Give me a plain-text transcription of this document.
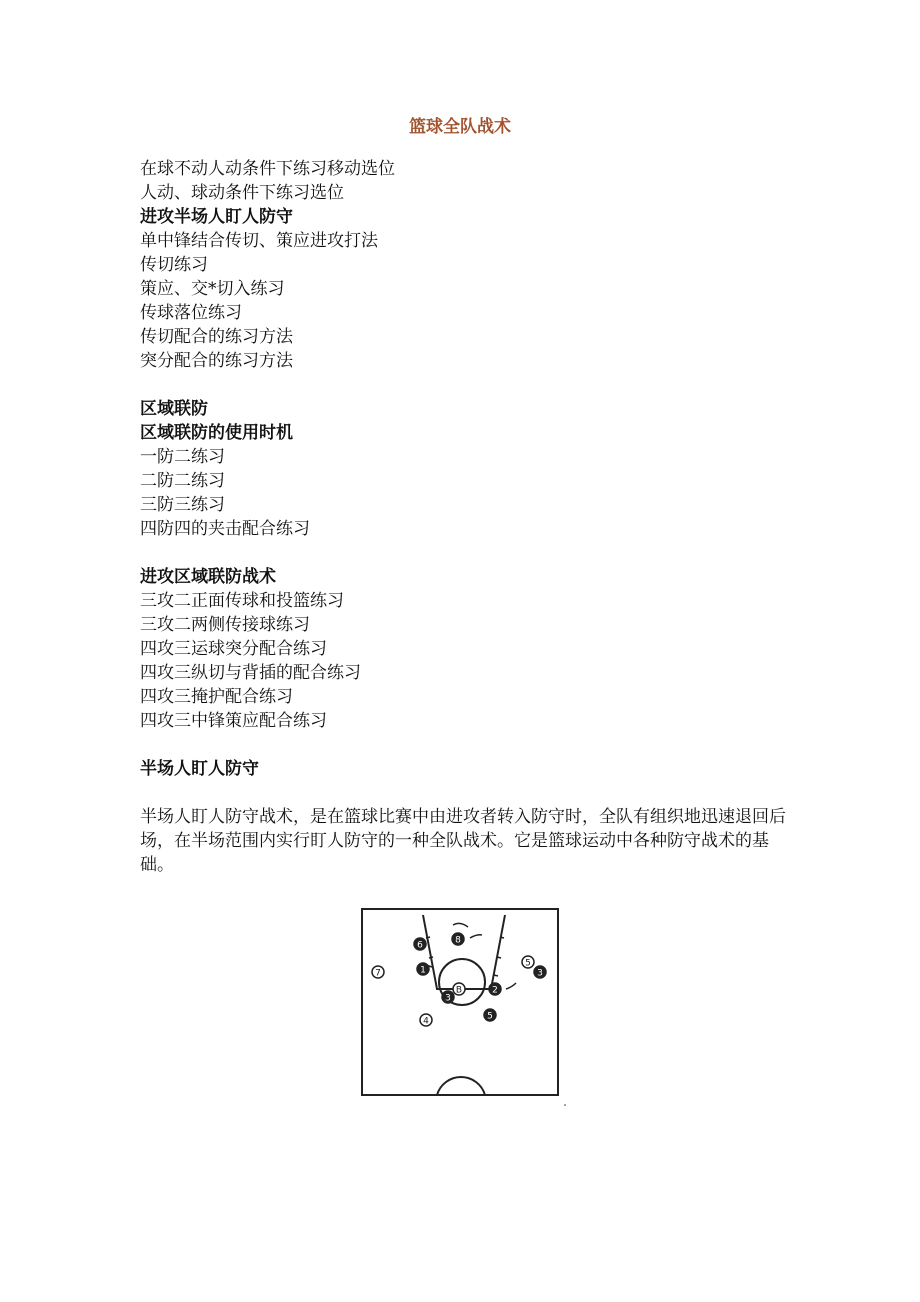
篮球全队战术
在球不动人动条件下练习移动选位
人动、球动条件下练习选位
进攻半场人盯人防守
单中锋结合传切、策应进攻打法
传切练习
策应、交*切入练习
传球落位练习
传切配合的练习方法
突分配合的练习方法
区域联防
区域联防的使用时机
一防二练习
二防二练习
三防三练习
四防四的夹击配合练习
进攻区域联防战术
三攻二正面传球和投篮练习
三攻二两侧传接球练习
四攻三运球突分配合练习
四攻三纵切与背插的配合练习
四攻三掩护配合练习
四攻三中锋策应配合练习
半场人盯人防守
半场人盯人防守战术，是在篮球比赛中由进攻者转入防守时，全队有组织地迅速退回后场，在半场范围内实行盯人防守的一种全队战术。它是篮球运动中各种防守战术的基础。
7
6
1
8
3
2
5
4
5
3
B
